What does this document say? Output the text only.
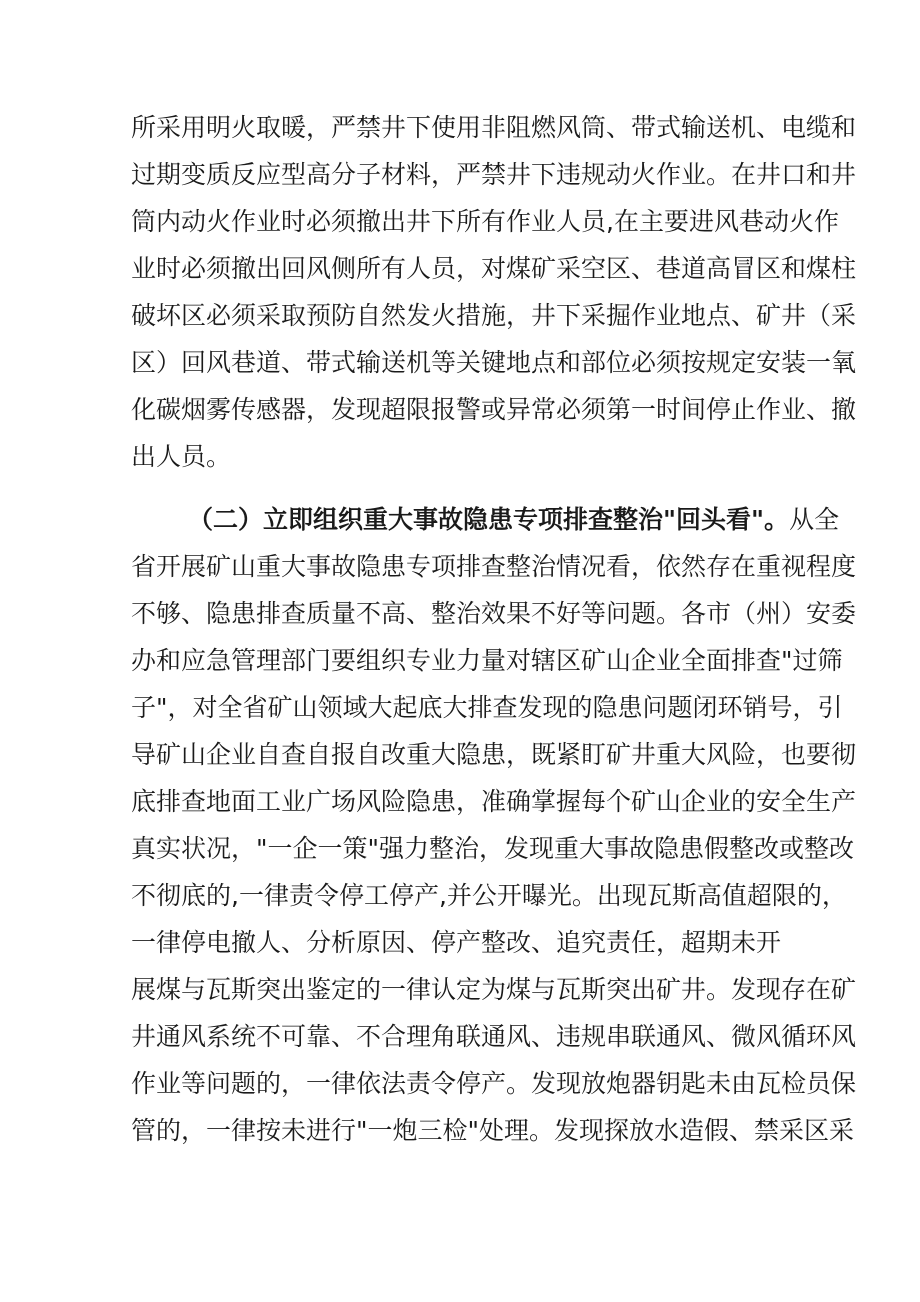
所采用明火取暖，严禁井下使用非阻燃风筒、带式输送机、电缆和
过期变质反应型高分子材料，严禁井下违规动火作业。在井口和井
筒内动火作业时必须撤出井下所有作业人员,在主要进风巷动火作
业时必须撤出回风侧所有人员，对煤矿采空区、巷道高冒区和煤柱
破坏区必须采取预防自然发火措施，井下采掘作业地点、矿井（采
区）回风巷道、带式输送机等关键地点和部位必须按规定安装一氧
化碳烟雾传感器，发现超限报警或异常必须第一时间停止作业、撤
出人员。
（二）立即组织重大事故隐患专项排查整治"回头看"。从全
省开展矿山重大事故隐患专项排查整治情况看，依然存在重视程度
不够、隐患排查质量不高、整治效果不好等问题。各市（州）安委
办和应急管理部门要组织专业力量对辖区矿山企业全面排查"过筛
子"，对全省矿山领域大起底大排查发现的隐患问题闭环销号，引
导矿山企业自查自报自改重大隐患，既紧盯矿井重大风险，也要彻
底排查地面工业广场风险隐患，准确掌握每个矿山企业的安全生产
真实状况，"一企一策"强力整治，发现重大事故隐患假整改或整改
不彻底的,一律责令停工停产,并公开曝光。出现瓦斯高值超限的，
一律停电撤人、分析原因、停产整改、追究责任，超期未开
展煤与瓦斯突出鉴定的一律认定为煤与瓦斯突出矿井。发现存在矿
井通风系统不可靠、不合理角联通风、违规串联通风、微风循环风
作业等问题的，一律依法责令停产。发现放炮器钥匙未由瓦检员保
管的，一律按未进行"一炮三检"处理。发现探放水造假、禁采区采
